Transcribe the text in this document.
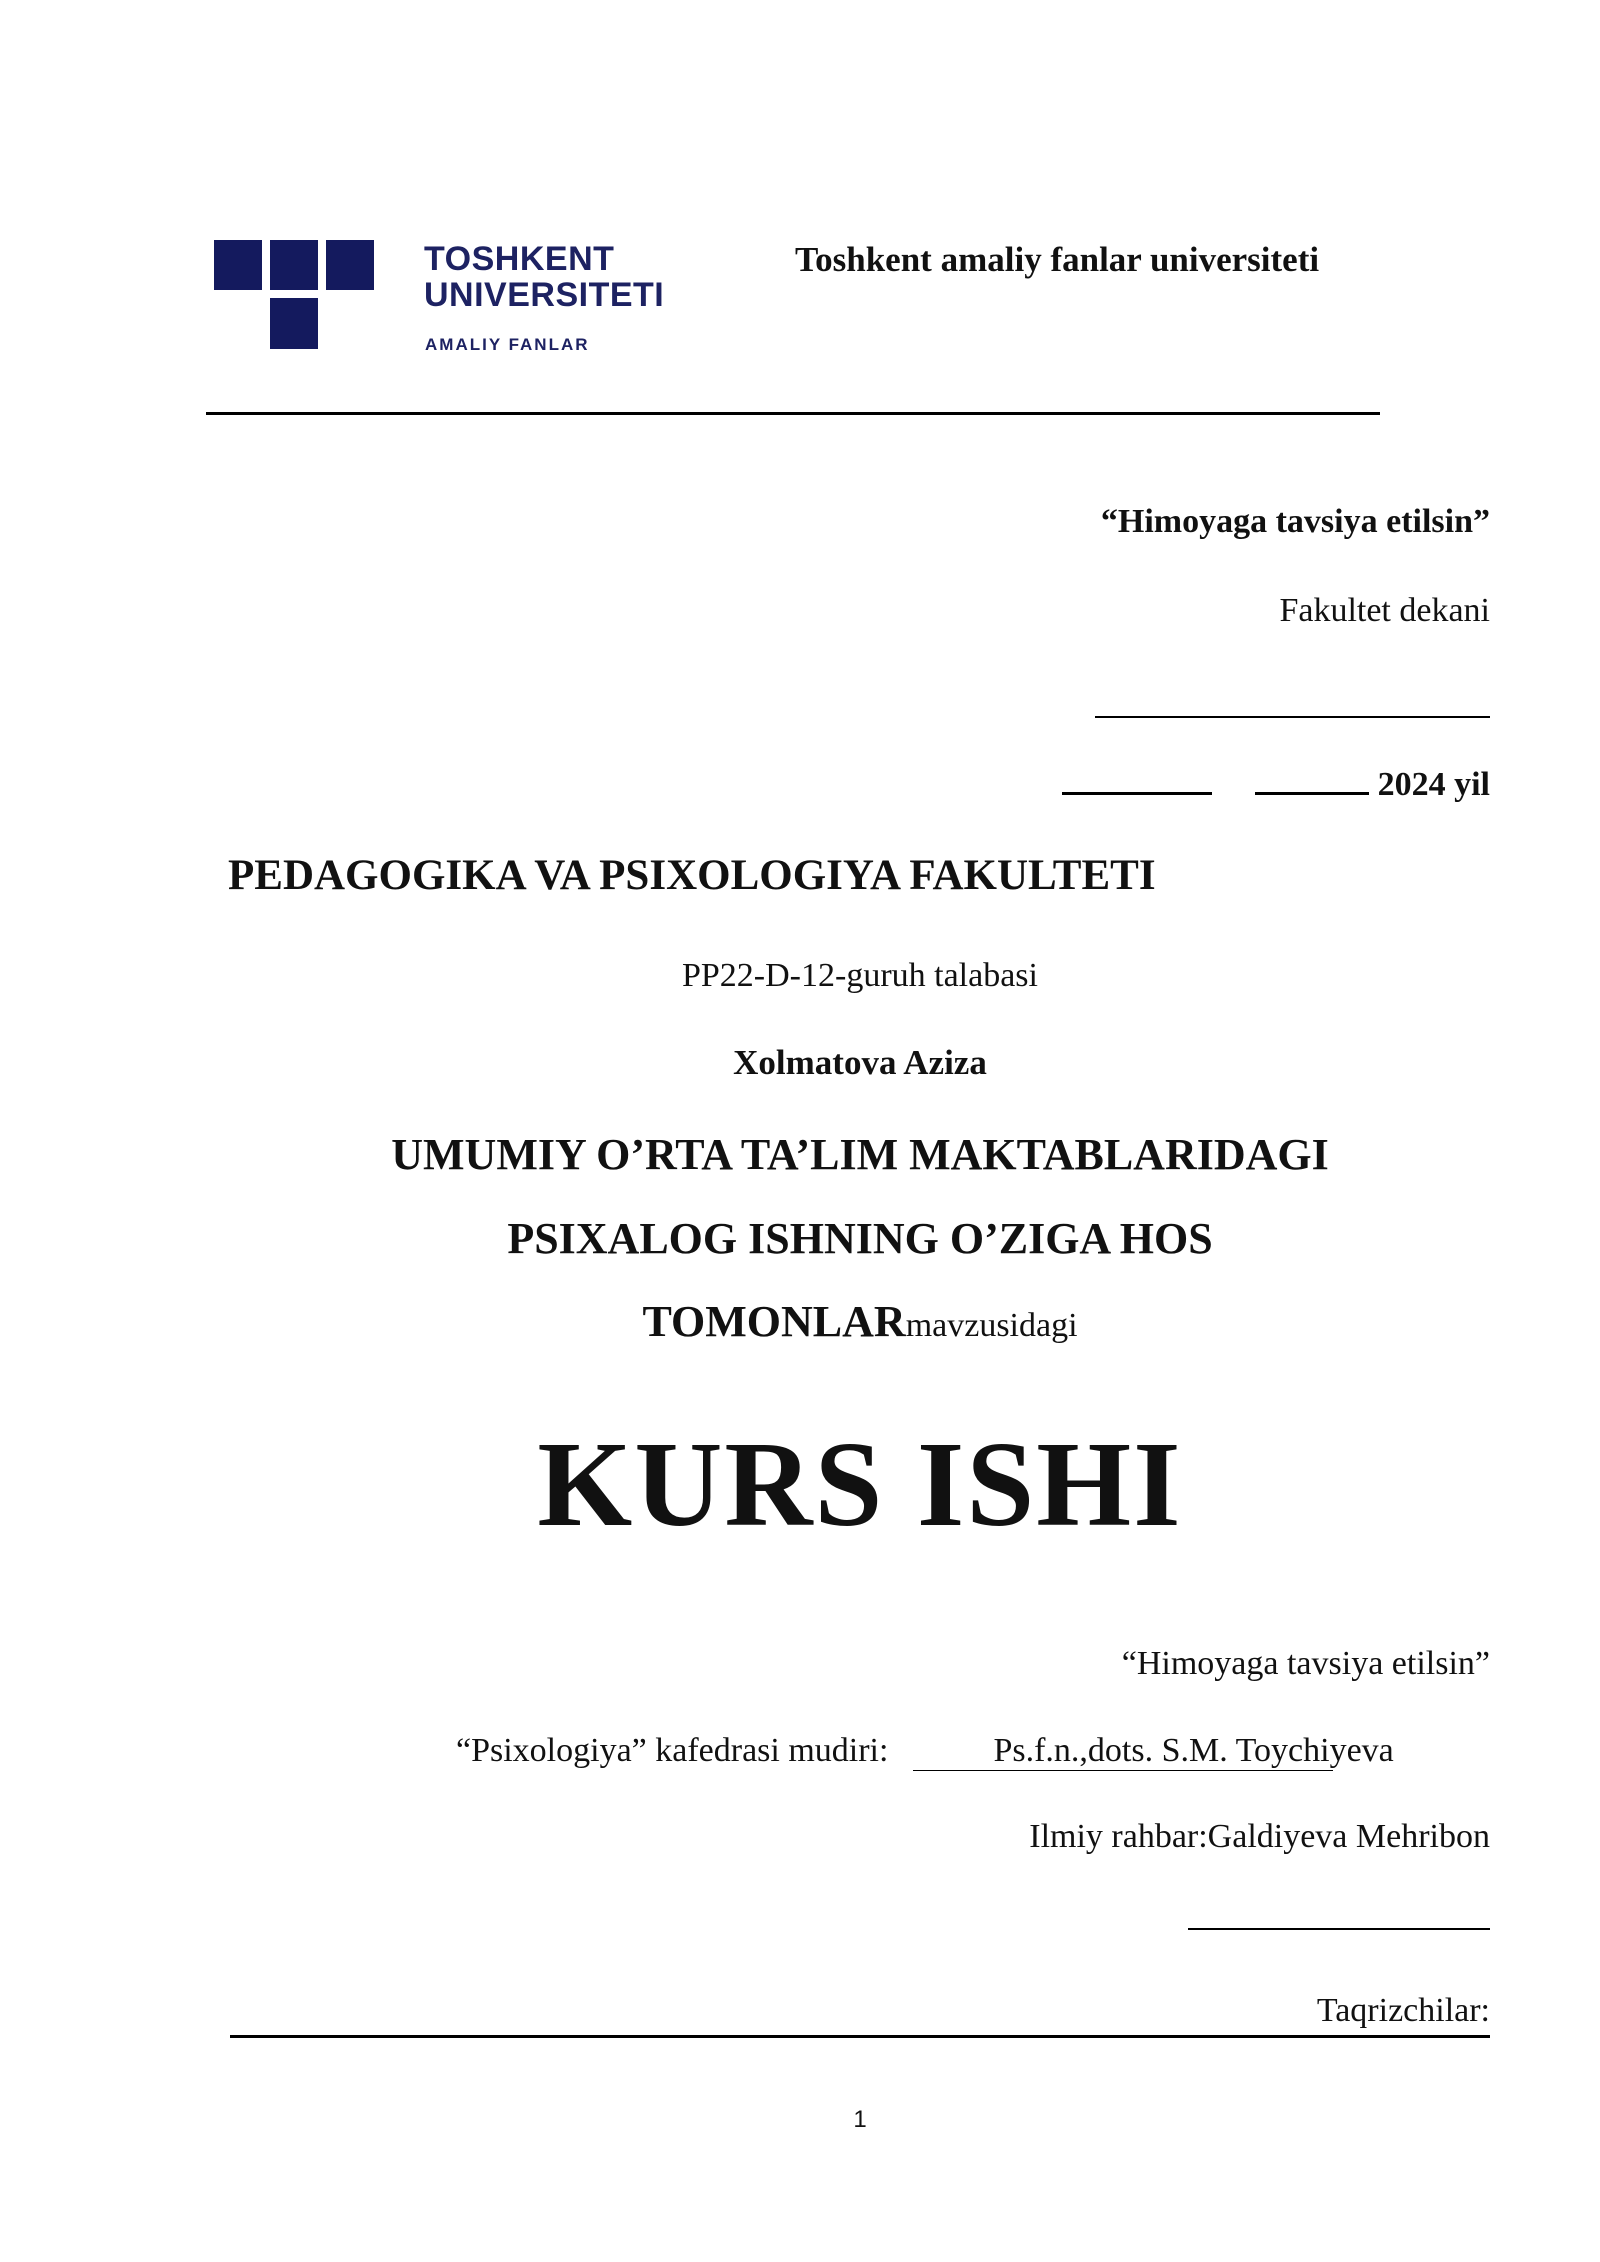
TOSHKENT
UNIVERSITETI
AMALIY FANLAR
Toshkent amaliy fanlar universiteti
“Himoyaga tavsiya etilsin”
Fakultet dekani
2024 yil
PEDAGOGIKA VA PSIXOLOGIYA FAKULTETI
PP22-D-12-guruh talabasi
Xolmatova Aziza
UMUMIY O’RTA TA’LIM MAKTABLARIDAGI
PSIXALOG ISHNING O’ZIGA HOS
TOMONLARmavzusidagi
KURS ISHI
“Himoyaga tavsiya etilsin”
“Psixologiya” kafedrasi mudiri:	Ps.f.n.,dots. S.M. Toychiyeva
Ilmiy rahbar:Galdiyeva Mehribon
Taqrizchilar:
1
